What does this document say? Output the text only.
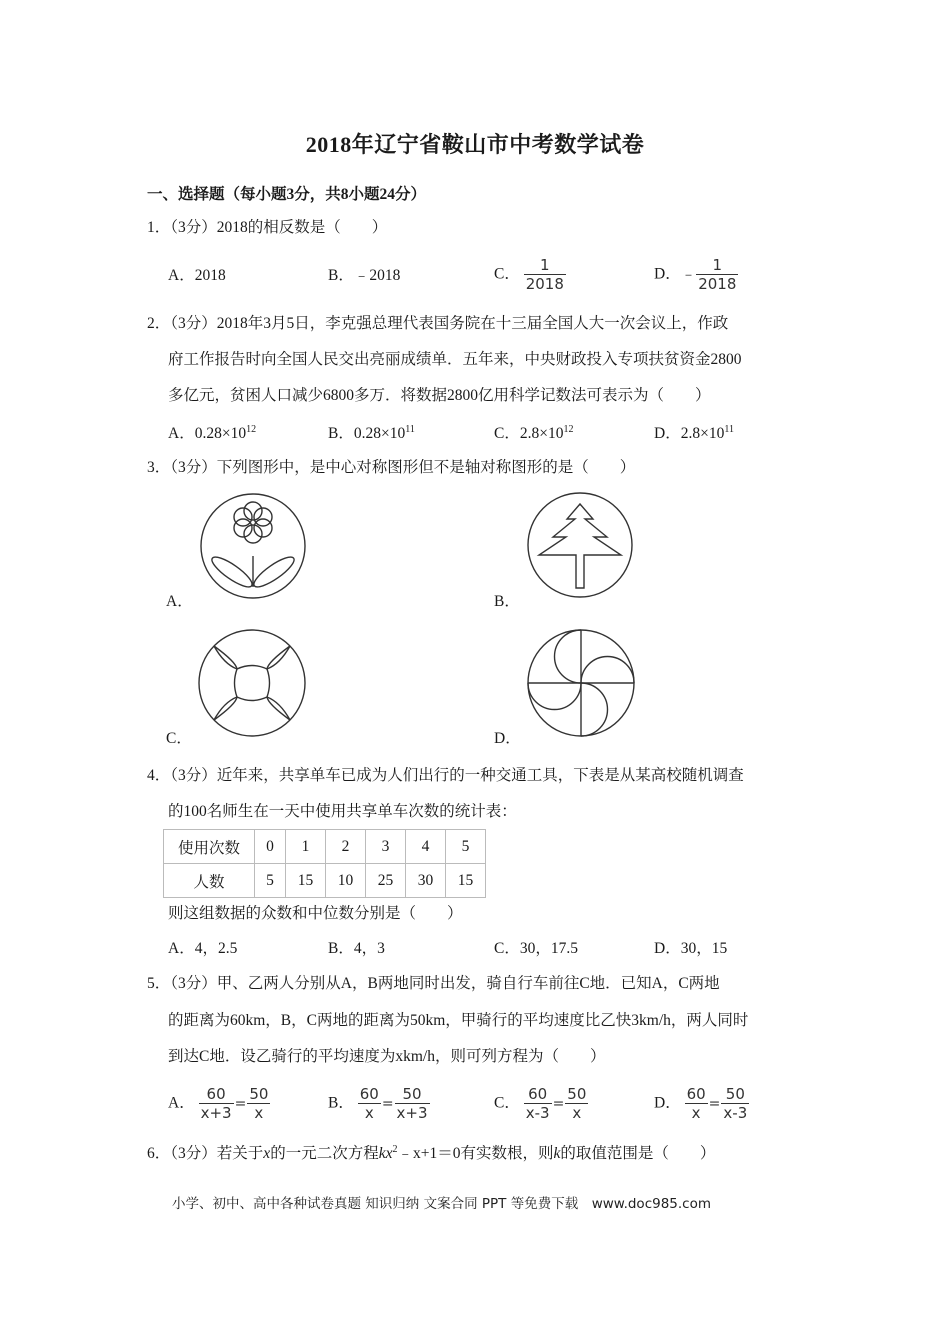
2018年辽宁省鞍山市中考数学试卷
一、选择题（每小题3分，共8小题24分）
1．（3分）2018的相反数是（　　）
A．2018	B．﹣2018	C． $\frac{1}{2018}$	D．﹣ $\frac{1}{2018}$
2．（3分）2018年3月5日，李克强总理代表国务院在十三届全国人大一次会议上，作政
府工作报告时向全国人民交出亮丽成绩单．五年来，中央财政投入专项扶贫资金2800
多亿元，贫困人口减少6800多万．将数据2800亿用科学记数法可表示为（　　）
A．$0.28\times 10^{12}$	B．$0.28\times 10^{11}$	C．$2.8\times 10^{12}$	D．$2.8\times 10^{11}$
3．（3分）下列图形中，是中心对称图形但不是轴对称图形的是（　　）
A．	B．
C．	D．
4．（3分）近年来，共享单车已成为人们出行的一种交通工具，下表是从某高校随机调查
的100名师生在一天中使用共享单车次数的统计表：
使用次数	0	1	2	3	4	5
人数	5	15	10	25	30	15
则这组数据的众数和中位数分别是（　　）
A．4，2.5	B．4，3	C．30，17.5	D．30，15
5．（3分）甲、乙两人分别从A，B两地同时出发，骑自行车前往C地．已知A，C两地
的距离为60km，B，C两地的距离为50km，甲骑行的平均速度比乙快3km/h，两人同时
到达C地．设乙骑行的平均速度为xkm/h，则可列方程为（　　）
A． $\frac{60}{x+3} = \frac{50}{x}$	B． $\frac{60}{x} = \frac{50}{x+3}$	C． $\frac{60}{x-3} = \frac{50}{x}$	D． $\frac{60}{x} = \frac{50}{x-3}$
6．（3分）若关于x的一元二次方程$kx^2﹣x+1=0$有实数根，则k的取值范围是（　　）
小学、初中、高中各种试卷真题 知识归纳 文案合同 PPT 等免费下载　www.doc985.com
